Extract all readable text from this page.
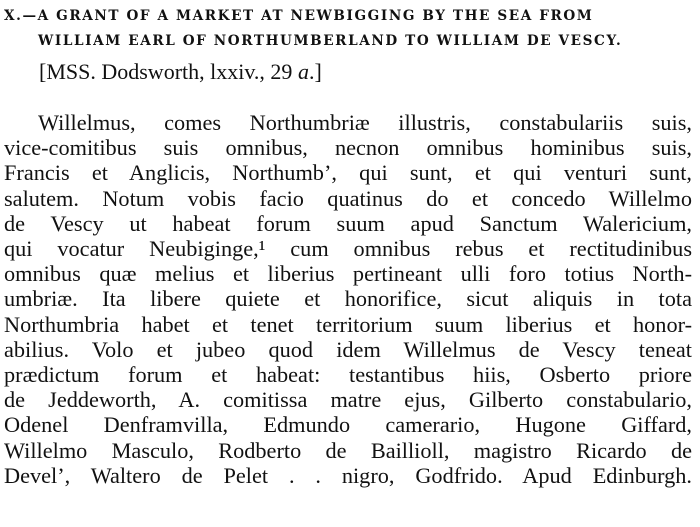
X.—A GRANT OF A MARKET AT NEWBIGGING BY THE SEA FROM
WILLIAM EARL OF NORTHUMBERLAND TO WILLIAM DE VESCY.
[MSS. Dodsworth, lxxiv., 29 a.]
Willelmus, comes Northumbriæ illustris, constabulariis suis,
vice-comitibus suis omnibus, necnon omnibus hominibus suis,
Francis et Anglicis, Northumb’, qui sunt, et qui venturi sunt,
salutem. Notum vobis facio quatinus do et concedo Willelmo
de Vescy ut habeat forum suum apud Sanctum Walericium,
qui vocatur Neubiginge,¹ cum omnibus rebus et rectitudinibus
omnibus quæ melius et liberius pertineant ulli foro totius North-
umbriæ. Ita libere quiete et honorifice, sicut aliquis in tota
Northumbria habet et tenet territorium suum liberius et honor-
abilius. Volo et jubeo quod idem Willelmus de Vescy teneat
prædictum forum et habeat: testantibus hiis, Osberto priore
de Jeddeworth, A. comitissa matre ejus, Gilberto constabulario,
Odenel Denframvilla, Edmundo camerario, Hugone Giffard,
Willelmo Masculo, Rodberto de Baillioll, magistro Ricardo de
Devel’, Waltero de Pelet . . nigro, Godfrido. Apud Edinburgh.
